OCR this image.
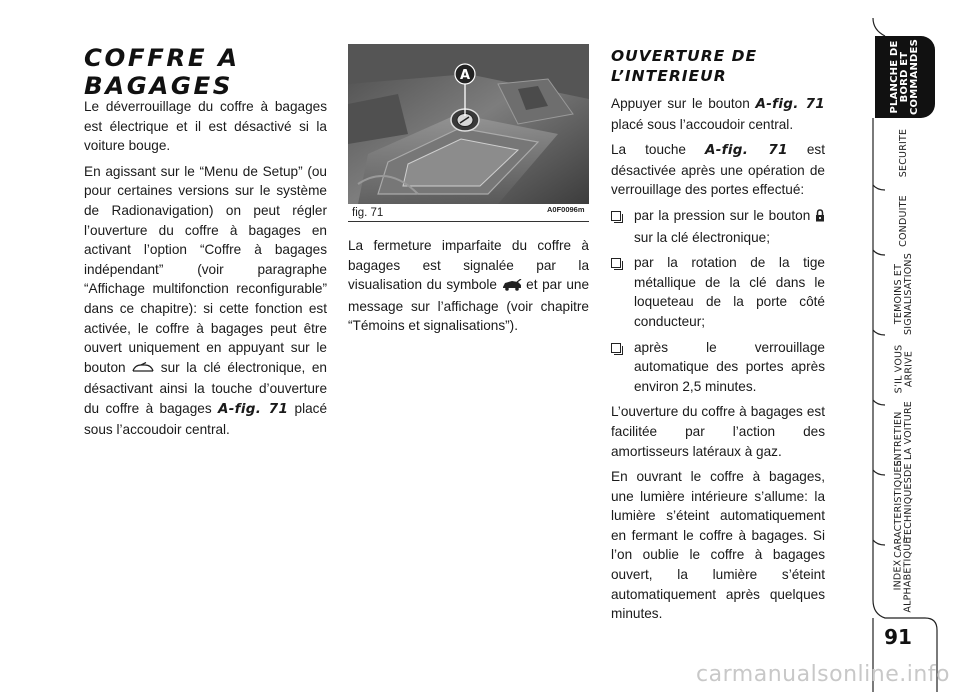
COFFRE A BAGAGES

Le déverrouillage du coffre à bagages est électrique et il est désactivé si la voiture bouge.

En agissant sur le “Menu de Setup” (ou pour certaines versions sur le système de Radionavigation) on peut régler l’ouverture du coffre à bagages en activant l’option “Coffre à bagages indépendant” (voir paragraphe “Affichage multifonction reconfigurable” dans ce chapitre): si cette fonction est activée, le coffre à bagages peut être ouvert uniquement en appuyant sur le bouton	sur la clé électronique, en désactivant ainsi la touche d’ouverture du coffre à bagages A-fig. 71 placé sous l’accoudoir central.

A
fig. 71	A0F0096m

La fermeture imparfaite du coffre à bagages est signalée par la visualisation du symbole et par une message sur l’affichage (voir chapitre “Témoins et signalisations”).

OUVERTURE DE
L’INTERIEUR

Appuyer sur le bouton A-fig. 71 placé sous l’accoudoir central.

La touche A-fig. 71 est désactivée après une opération de verrouillage des portes effectué:

par la pression sur le bouton  sur la clé électronique;
par la rotation de la tige métallique de la clé dans le loqueteau de la porte côté conducteur;
après le verrouillage automatique des portes après environ 2,5 minutes.

L’ouverture du coffre à bagages est facilitée par l’action des amortisseurs latéraux à gaz.

En ouvrant le coffre à bagages, une lumière intérieure s’allume: la lumière s’éteint automatiquement en fermant le coffre à bagages. Si l’on oublie le coffre à bagages ouvert, la lumière s’éteint automatiquement après quelques minutes.

PLANCHE DE
BORD ET
COMMANDES
SECURITE
CONDUITE
TEMOINS ET
SIGNALISATIONS
S’IL VOUS
ARRIVE
ENTRETIEN
DE LA VOITURE
CARACTERISTIQUES
TECHNIQUES
INDEX
ALPHABETIQUE
91
carmanualsonline.info
